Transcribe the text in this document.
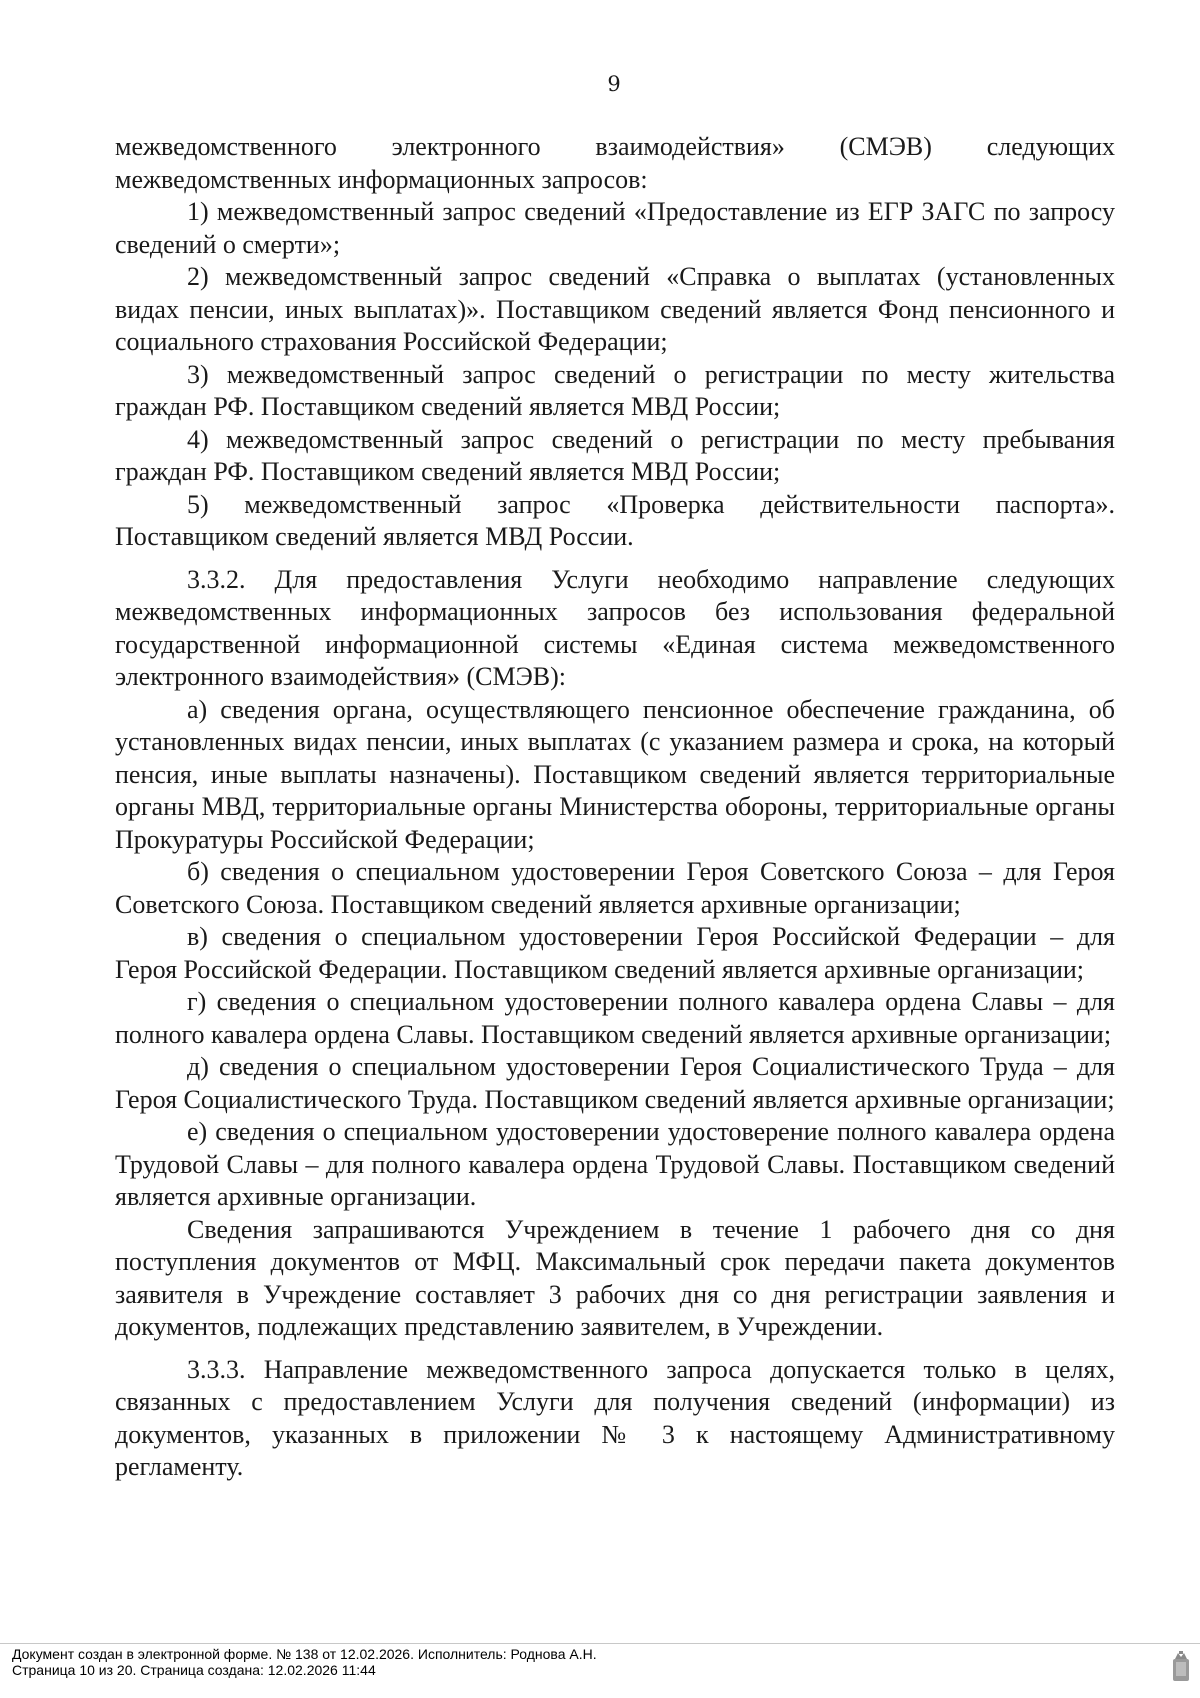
9

межведомственного электронного взаимодействия» (СМЭВ) следующих межведомственных информационных запросов:

1) межведомственный запрос сведений «Предоставление из ЕГР ЗАГС по запросу сведений о смерти»;

2) межведомственный запрос сведений «Справка о выплатах (установленных видах пенсии, иных выплатах)». Поставщиком сведений является Фонд пенсионного и социального страхования Российской Федерации;

3) межведомственный запрос сведений о регистрации по месту жительства граждан РФ. Поставщиком сведений является МВД России;

4) межведомственный запрос сведений о регистрации по месту пребывания граждан РФ. Поставщиком сведений является МВД России;

5) межведомственный запрос «Проверка действительности паспорта». Поставщиком сведений является МВД России.

3.3.2. Для предоставления Услуги необходимо направление следующих межведомственных информационных запросов без использования федеральной государственной информационной системы «Единая система межведомственного электронного взаимодействия» (СМЭВ):

а) сведения органа, осуществляющего пенсионное обеспечение гражданина, об установленных видах пенсии, иных выплатах (с указанием размера и срока, на который пенсия, иные выплаты назначены). Поставщиком сведений является территориальные органы МВД, территориальные органы Министерства обороны, территориальные органы Прокуратуры Российской Федерации;

б) сведения о специальном удостоверении Героя Советского Союза – для Героя Советского Союза. Поставщиком сведений является архивные организации;

в) сведения о специальном удостоверении Героя Российской Федерации – для Героя Российской Федерации. Поставщиком сведений является архивные организации;

г) сведения о специальном удостоверении полного кавалера ордена Славы – для полного кавалера ордена Славы. Поставщиком сведений является архивные организации;

д) сведения о специальном удостоверении Героя Социалистического Труда – для Героя Социалистического Труда. Поставщиком сведений является архивные организации;

е) сведения о специальном удостоверении удостоверение полного кавалера ордена Трудовой Славы – для полного кавалера ордена Трудовой Славы. Поставщиком сведений является архивные организации.

Сведения запрашиваются Учреждением в течение 1 рабочего дня со дня поступления документов от МФЦ. Максимальный срок передачи пакета документов заявителя в Учреждение составляет 3 рабочих дня со дня регистрации заявления и документов, подлежащих представлению заявителем, в Учреждении.

3.3.3. Направление межведомственного запроса допускается только в целях, связанных с предоставлением Услуги для получения сведений (информации) из документов, указанных в приложении № 3 к настоящему Административному регламенту.

Документ создан в электронной форме. № 138 от 12.02.2026. Исполнитель: Роднова А.Н.
Страница 10 из 20. Страница создана: 12.02.2026 11:44
